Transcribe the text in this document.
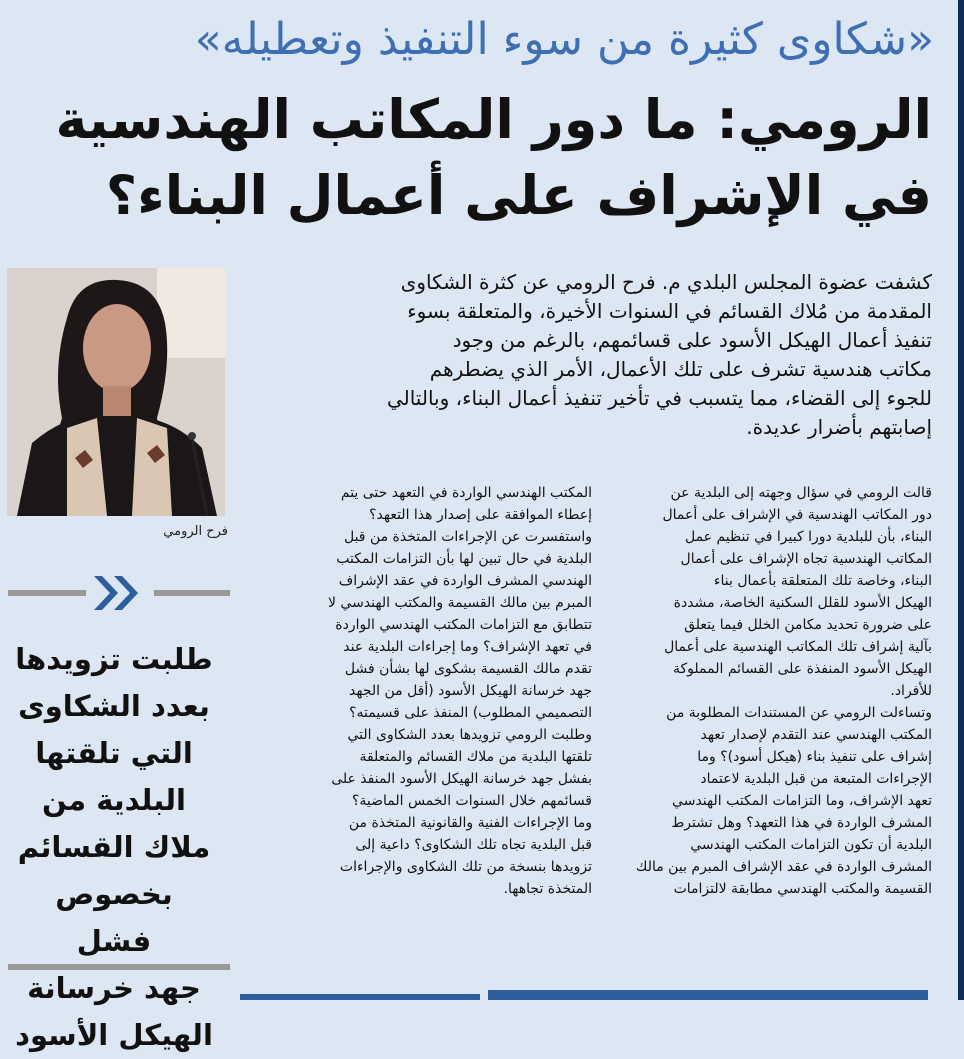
«شكاوى كثيرة من سوء التنفيذ وتعطيله»
الرومي: ما دور المكاتب الهندسية
في الإشراف على أعمال البناء؟
فرح الرومي
طلبت تزويدها
بعدد الشكاوى
التي تلقتها
البلدية من
ملاك القسائم
بخصوص فشل
جهد خرسانة
الهيكل الأسود
كشفت عضوة المجلس البلدي م. فرح الرومي عن كثرة الشكاوى
المقدمة من مُلاك القسائم في السنوات الأخيرة، والمتعلقة بسوء
تنفيذ أعمال الهيكل الأسود على قسائمهم، بالرغم من وجود
مكاتب هندسية تشرف على تلك الأعمال، الأمر الذي يضطرهم
للجوء إلى القضاء، مما يتسبب في تأخير تنفيذ أعمال البناء، وبالتالي
إصابتهم بأضرار عديدة.
قالت الرومي في سؤال وجهته إلى البلدية عن
دور المكاتب الهندسية في الإشراف على أعمال
البناء، بأن للبلدية دورا كبيرا في تنظيم عمل
المكاتب الهندسية تجاه الإشراف على أعمال
البناء، وخاصة تلك المتعلقة بأعمال بناء
الهيكل الأسود للقلل السكنية الخاصة، مشددة
على ضرورة تحديد مكامن الخلل فيما يتعلق
بآلية إشراف تلك المكاتب الهندسية على أعمال
الهيكل الأسود المنفذة على القسائم المملوكة
للأفراد.
وتساءلت الرومي عن المستندات المطلوبة من
المكتب الهندسي عند التقدم لإصدار تعهد
إشراف على تنفيذ بناء (هيكل أسود)؟ وما
الإجراءات المتبعة من قبل البلدية لاعتماد
تعهد الإشراف، وما التزامات المكتب الهندسي
المشرف الواردة في هذا التعهد؟ وهل تشترط
البلدية أن تكون التزامات المكتب الهندسي
المشرف الواردة في عقد الإشراف المبرم بين مالك
القسيمة والمكتب الهندسي مطابقة لالتزامات
المكتب الهندسي الواردة في التعهد حتى يتم
إعطاء الموافقة على إصدار هذا التعهد؟
واستفسرت عن الإجراءات المتخذة من قبل
البلدية في حال تبين لها بأن التزامات المكتب
الهندسي المشرف الواردة في عقد الإشراف
المبرم بين مالك القسيمة والمكتب الهندسي لا
تتطابق مع التزامات المكتب الهندسي الواردة
في تعهد الإشراف؟ وما إجراءات البلدية عند
تقدم مالك القسيمة بشكوى لها بشأن فشل
جهد خرسانة الهيكل الأسود (أقل من الجهد
التصميمي المطلوب) المنفذ على قسيمته؟
وطلبت الرومي تزويدها بعدد الشكاوى التي
تلقتها البلدية من ملاك القسائم والمتعلقة
بفشل جهد خرسانة الهيكل الأسود المنفذ على
قسائمهم خلال السنوات الخمس الماضية؟
وما الإجراءات الفنية والقانونية المتخذة من
قبل البلدية تجاه تلك الشكاوى؟ داعية إلى
تزويدها بنسخة من تلك الشكاوى والإجراءات
المتخذة تجاهها.
